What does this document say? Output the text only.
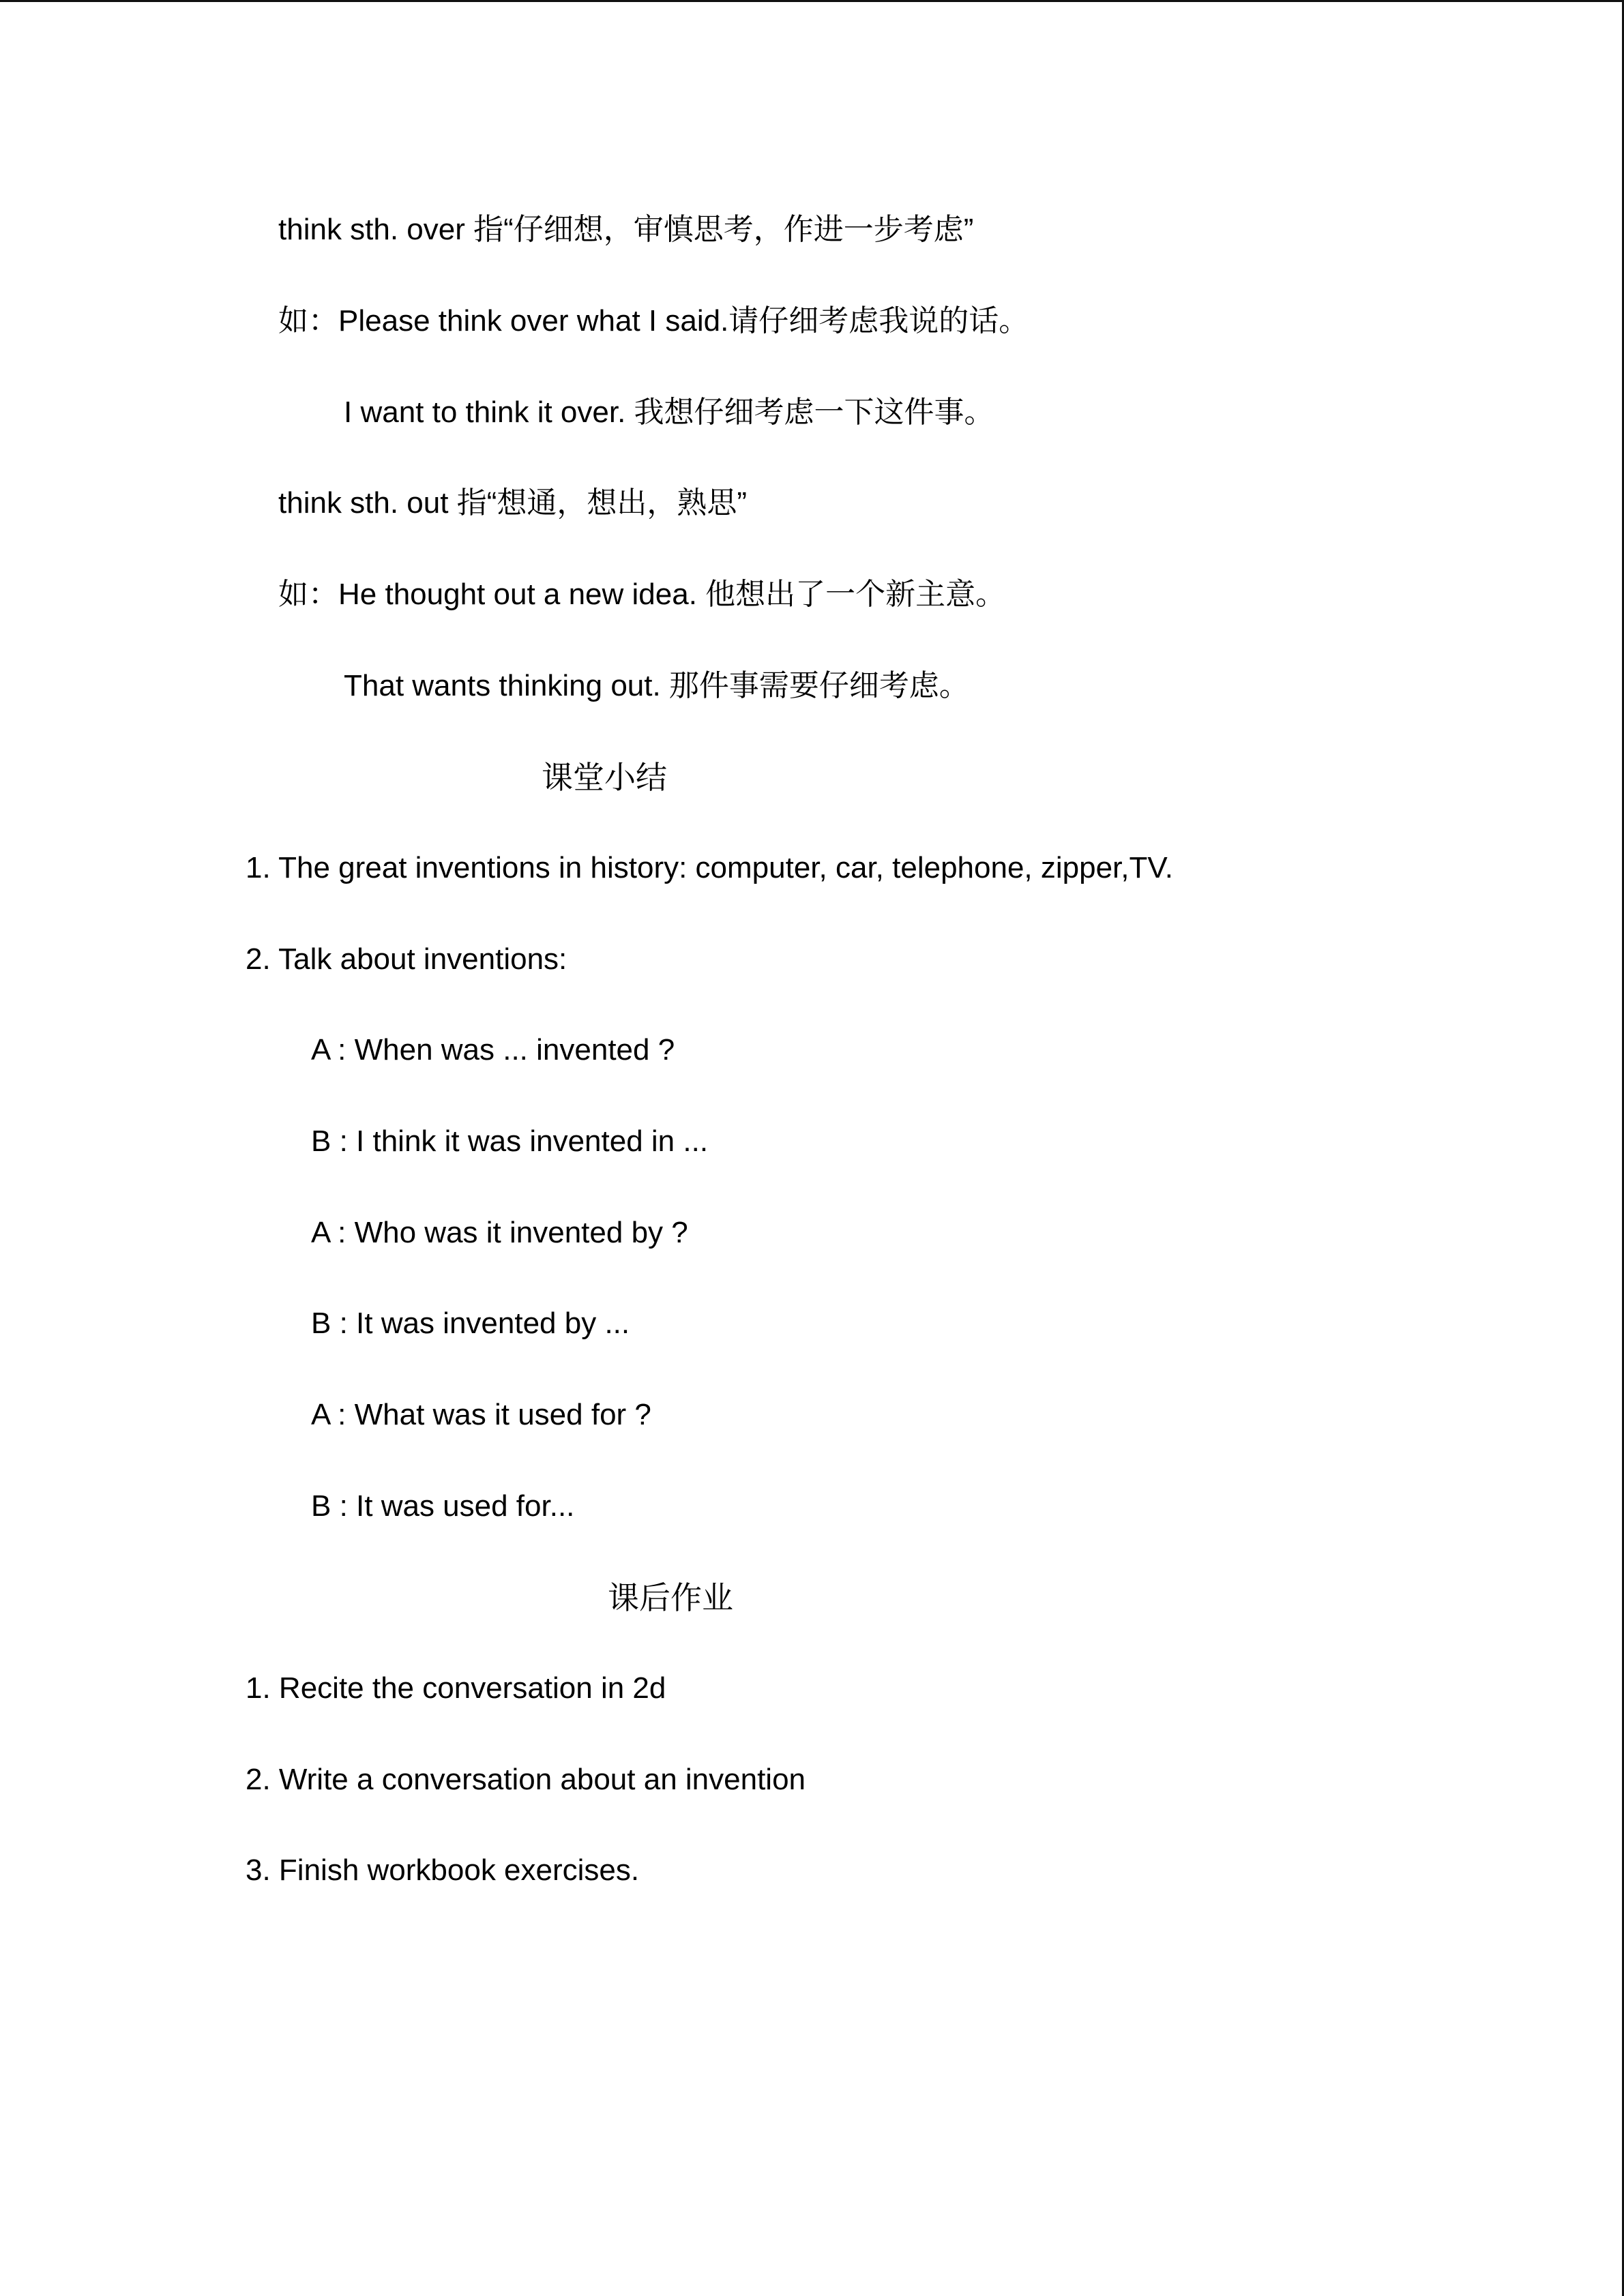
think sth. over 指“仔细想，审慎思考，作进一步考虑”
如：Please think over what I said.请仔细考虑我说的话。
I want to think it over. 我想仔细考虑一下这件事。
think sth. out 指“想通，想出，熟思”
如：He thought out a new idea. 他想出了一个新主意。
That wants thinking out. 那件事需要仔细考虑。
课堂小结
1. The great inventions in history: computer, car, telephone, zipper,TV.
2. Talk about inventions:
A : When was ... invented ?
B : I think it was invented in ...
A : Who was it invented by ?
B : It was invented by ...
A : What was it used for ?
B : It was used for...
课后作业
1. Recite the conversation in 2d
2. Write a conversation about an invention
3. Finish workbook exercises.
